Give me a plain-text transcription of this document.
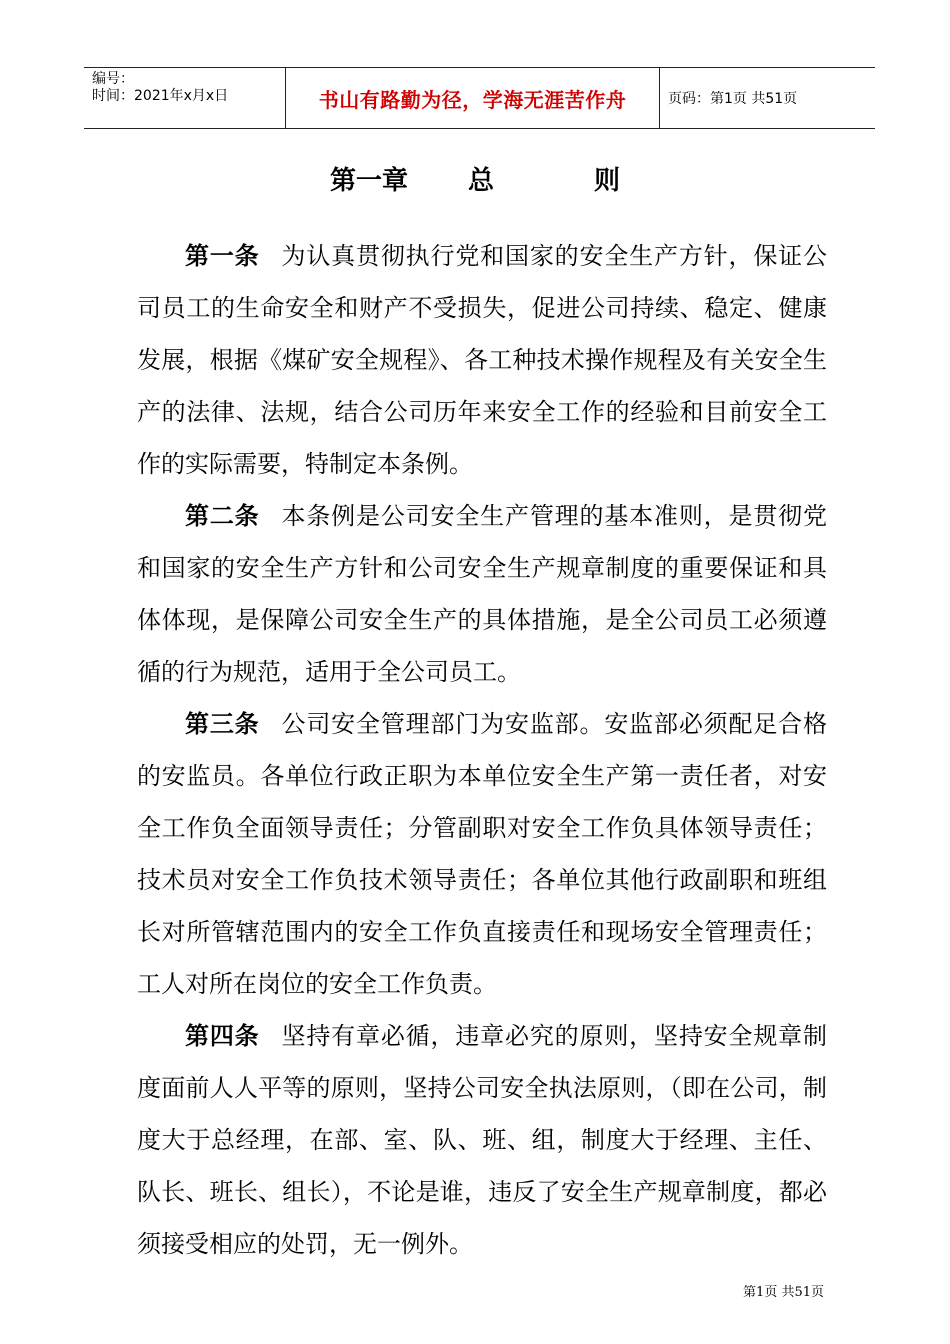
编号：
时间：2021年x月x日	书山有路勤为径，学海无涯苦作舟	页码：第1页 共51页
第一章 总	则

第一条 为认真贯彻执行党和国家的安全生产方针，保证公司员工的生命安全和财产不受损失，促进公司持续、稳定、健康发展，根据《煤矿安全规程》、各工种技术操作规程及有关安全生产的法律、法规，结合公司历年来安全工作的经验和目前安全工作的实际需要，特制定本条例。

第二条 本条例是公司安全生产管理的基本准则，是贯彻党和国家的安全生产方针和公司安全生产规章制度的重要保证和具体体现，是保障公司安全生产的具体措施，是全公司员工必须遵循的行为规范，适用于全公司员工。

第三条 公司安全管理部门为安监部。安监部必须配足合格的安监员。各单位行政正职为本单位安全生产第一责任者，对安全工作负全面领导责任；分管副职对安全工作负具体领导责任；技术员对安全工作负技术领导责任；各单位其他行政副职和班组长对所管辖范围内的安全工作负直接责任和现场安全管理责任；工人对所在岗位的安全工作负责。

第四条 坚持有章必循，违章必究的原则，坚持安全规章制度面前人人平等的原则，坚持公司安全执法原则，（即在公司，制度大于总经理，在部、室、队、班、组，制度大于经理、主任、队长、班长、组长），不论是谁，违反了安全生产规章制度，都必须接受相应的处罚，无一例外。

第1页 共51页
